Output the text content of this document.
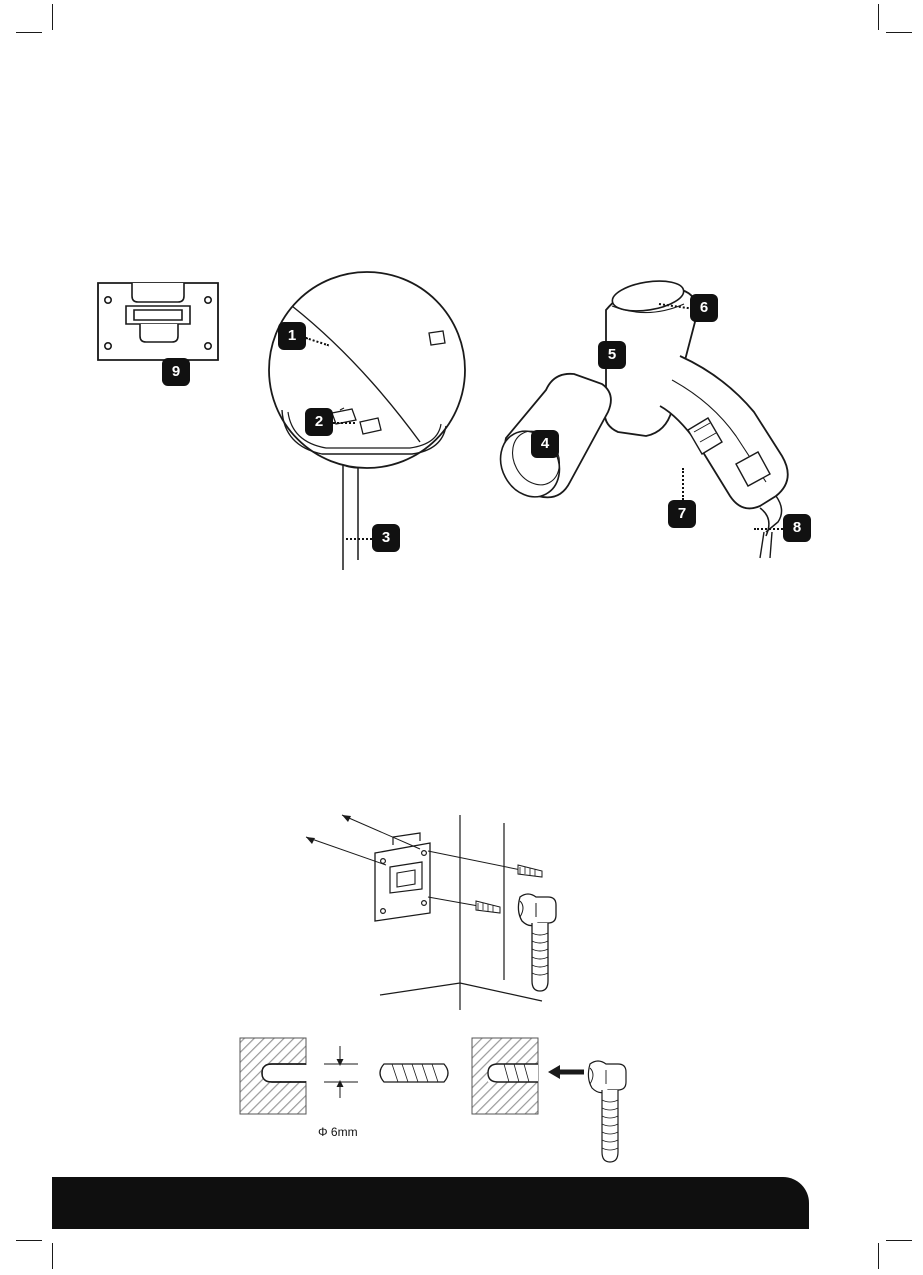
1
2
3
4
5
6
7
8
9
Φ 6mm
